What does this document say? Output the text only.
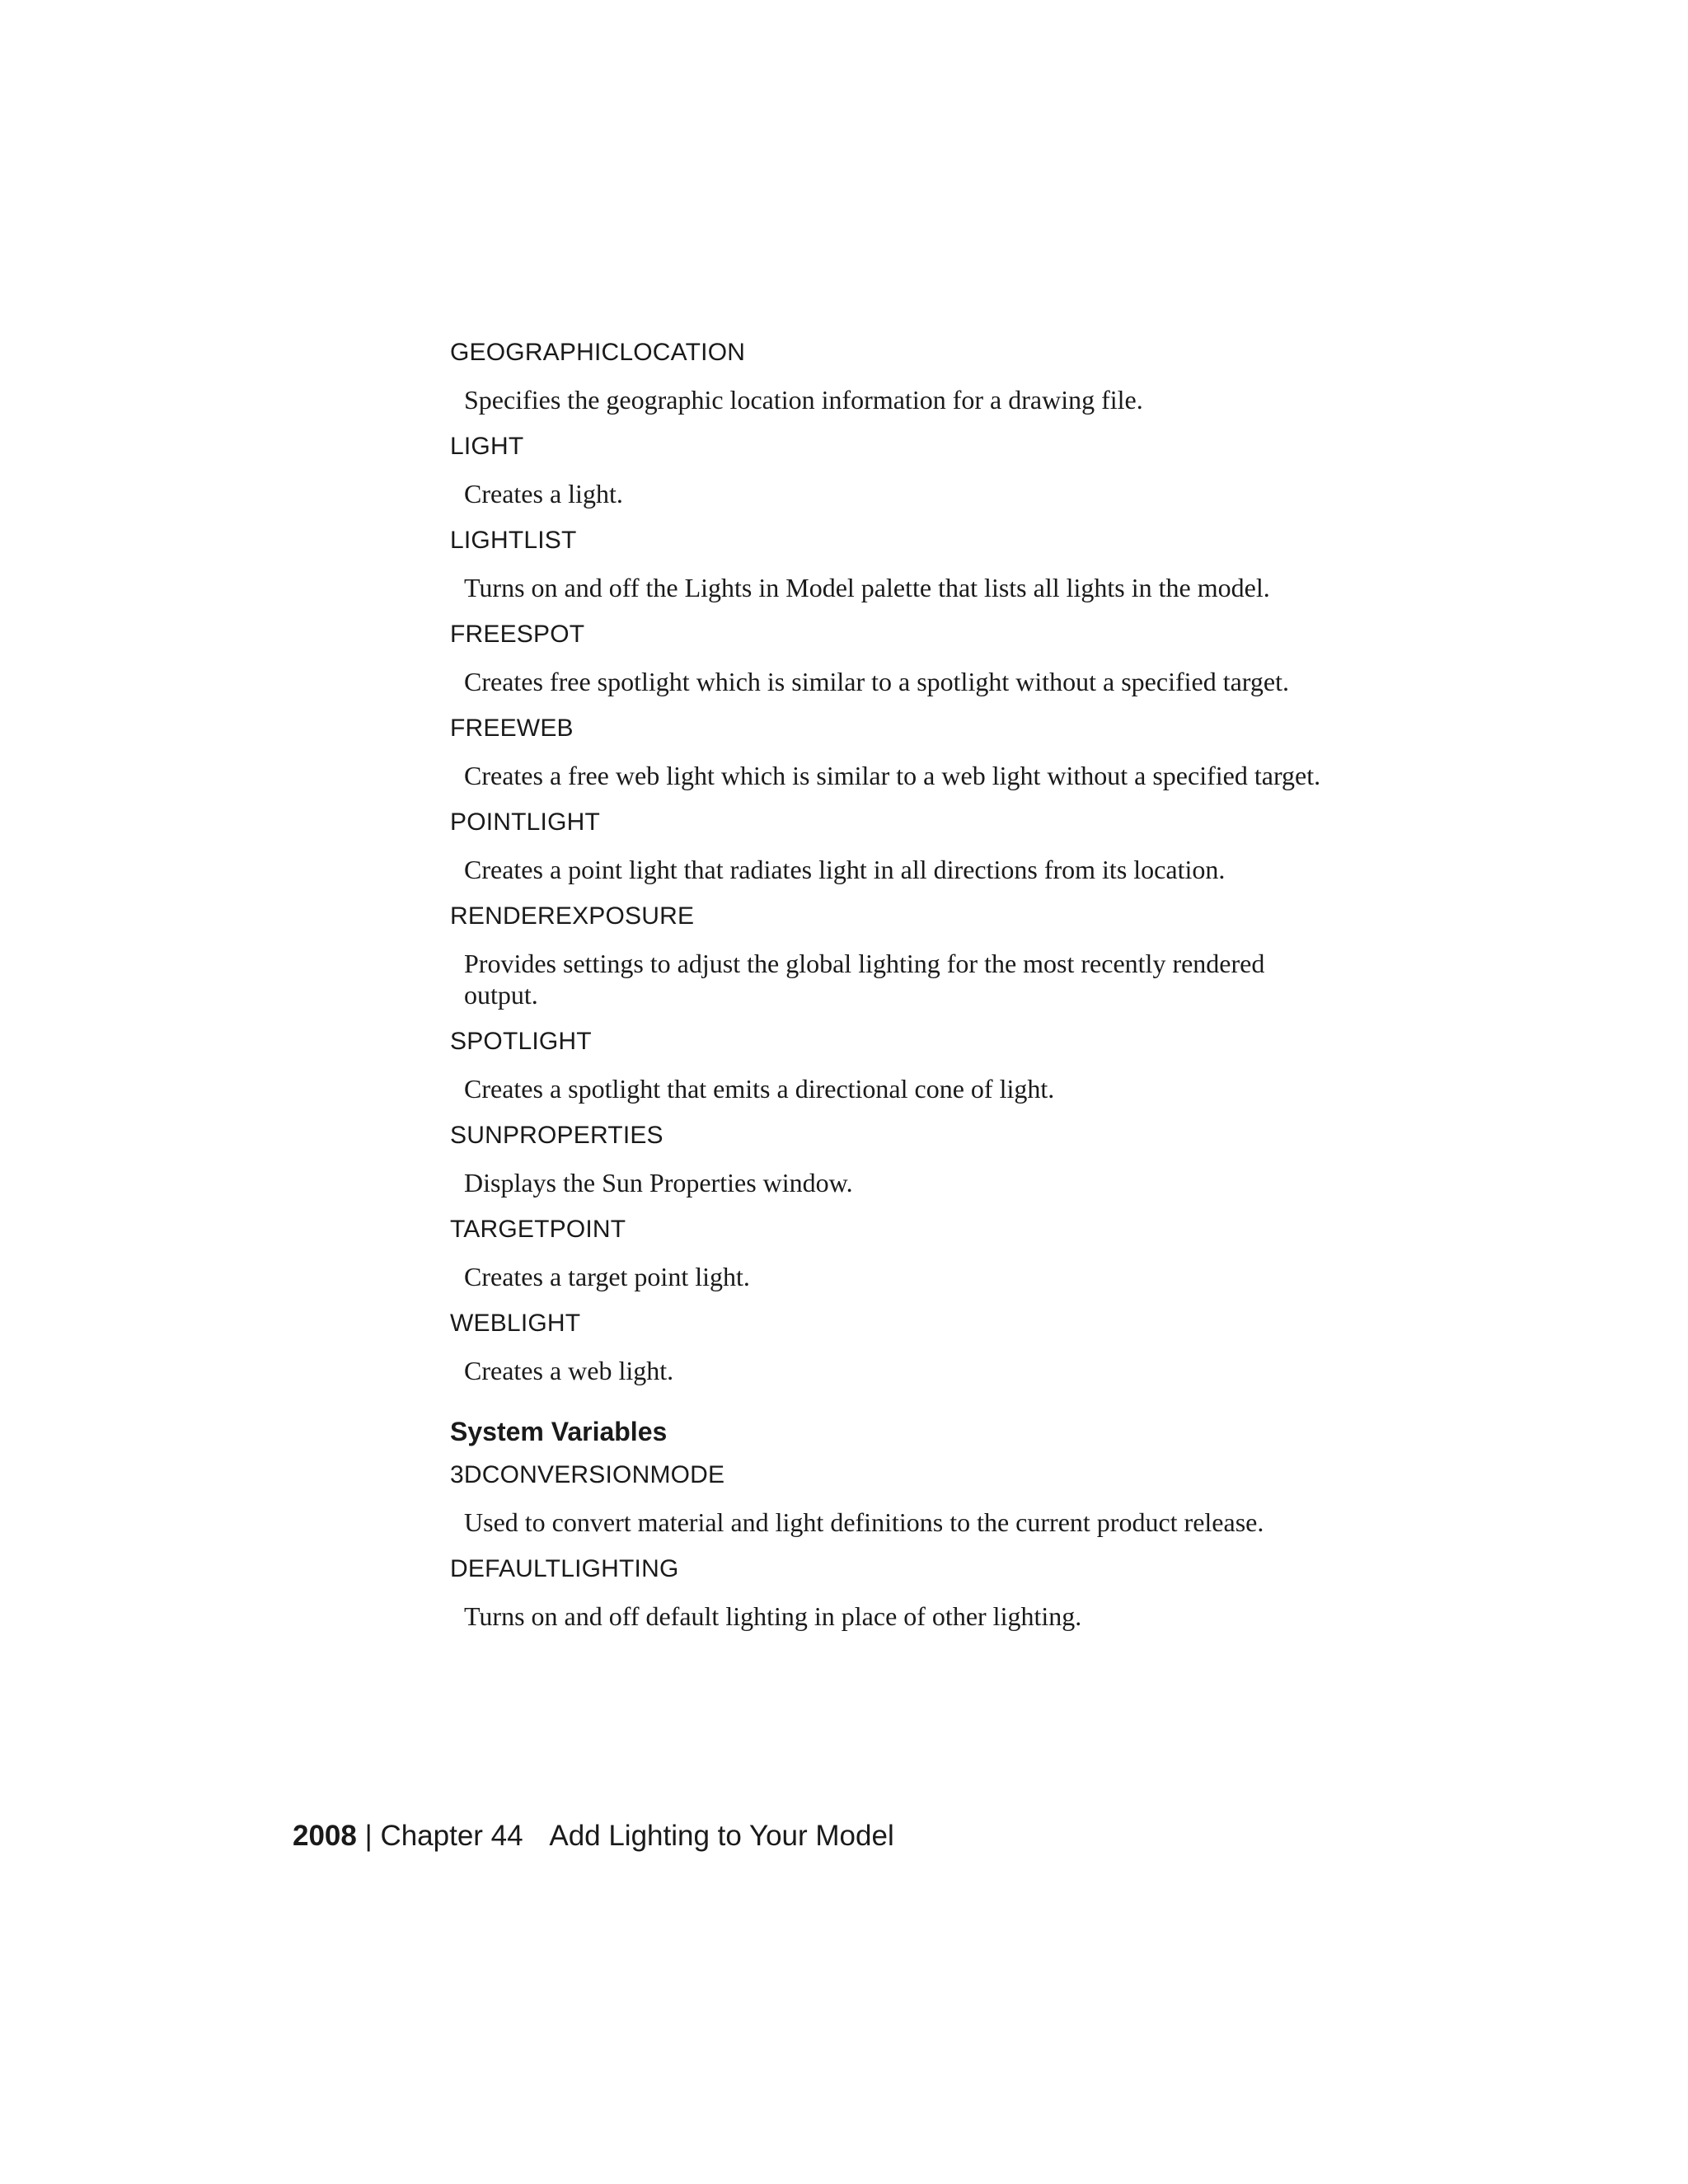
GEOGRAPHICLOCATION

Specifies the geographic location information for a drawing file.

LIGHT

Creates a light.

LIGHTLIST

Turns on and off the Lights in Model palette that lists all lights in the model.

FREESPOT

Creates free spotlight which is similar to a spotlight without a specified target.

FREEWEB

Creates a free web light which is similar to a web light without a specified target.

POINTLIGHT

Creates a point light that radiates light in all directions from its location.

RENDEREXPOSURE

Provides settings to adjust the global lighting for the most recently rendered output.

SPOTLIGHT

Creates a spotlight that emits a directional cone of light.

SUNPROPERTIES

Displays the Sun Properties window.

TARGETPOINT

Creates a target point light.

WEBLIGHT

Creates a web light.

System Variables

3DCONVERSIONMODE

Used to convert material and light definitions to the current product release.

DEFAULTLIGHTING

Turns on and off default lighting in place of other lighting.

2008 | Chapter 44 Add Lighting to Your Model
